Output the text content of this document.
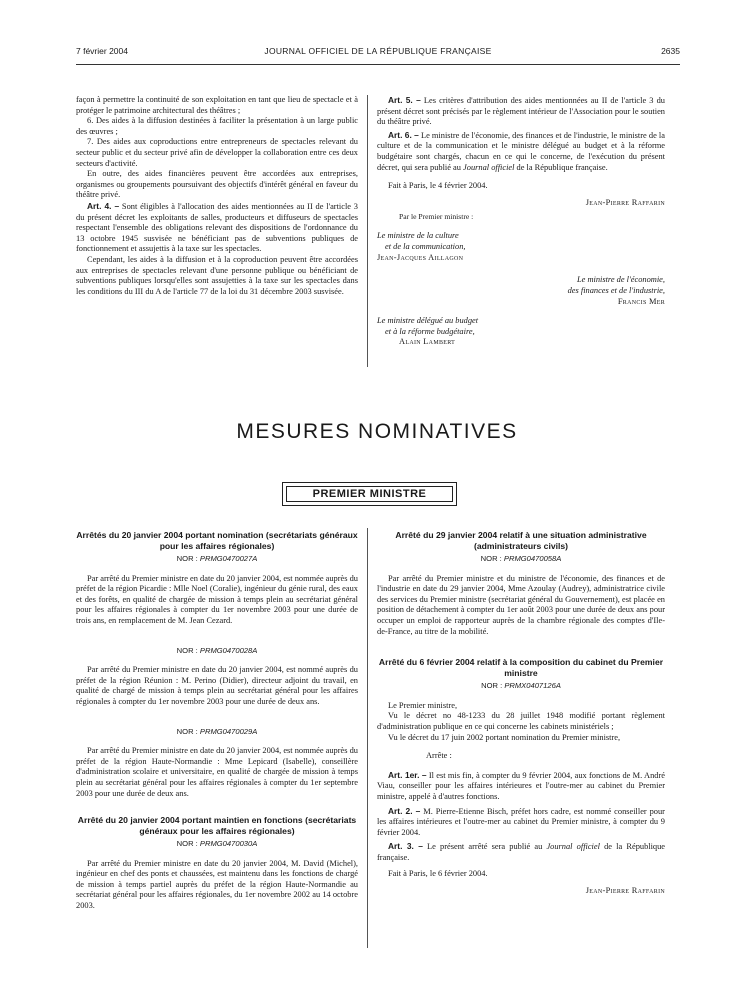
7 février 2004	JOURNAL OFFICIEL DE LA RÉPUBLIQUE FRANÇAISE	2635

façon à permettre la continuité de son exploitation en tant que lieu de spectacle et à protéger le patrimoine architectural des théâtres ;

6. Des aides à la diffusion destinées à faciliter la présentation à un large public des œuvres ;

7. Des aides aux coproductions entre entrepreneurs de spectacles relevant du secteur public et du secteur privé afin de développer la collaboration entre ces deux secteurs d'activité.

En outre, des aides financières peuvent être accordées aux entreprises, organismes ou groupements poursuivant des objectifs d'intérêt général en faveur du théâtre privé.

Art. 4. – Sont éligibles à l'allocation des aides mentionnées au II de l'article 3 du présent décret les exploitants de salles, producteurs et diffuseurs de spectacles respectant l'ensemble des obligations relevant des dispositions de l'ordonnance du 13 octobre 1945 susvisée ne bénéficiant pas de subventions publiques de fonctionnement et assujettis à la taxe sur les spectacles.

Cependant, les aides à la diffusion et à la coproduction peuvent être accordées aux entreprises de spectacles relevant d'une personne publique ou bénéficiant de subventions publiques lorsqu'elles sont assujetties à la taxe sur les spectacles dans les conditions du III du A de l'article 77 de la loi du 31 décembre 2003 susvisée.

Art. 5. – Les critères d'attribution des aides mentionnées au II de l'article 3 du présent décret sont précisés par le règlement intérieur de l'Association pour le soutien du théâtre privé.

Art. 6. – Le ministre de l'économie, des finances et de l'industrie, le ministre de la culture et de la communication et le ministre délégué au budget et à la réforme budgétaire sont chargés, chacun en ce qui le concerne, de l'exécution du présent décret, qui sera publié au Journal officiel de la République française.

Fait à Paris, le 4 février 2004.

Jean-Pierre Raffarin

Par le Premier ministre :

Le ministre de la culture
et de la communication,
Jean-Jacques Aillagon
Le ministre de l'économie,
des finances et de l'industrie,
Francis Mer
Le ministre délégué au budget
et à la réforme budgétaire,
Alain Lambert
MESURES NOMINATIVES
PREMIER MINISTRE
Arrêtés du 20 janvier 2004 portant nomination (secrétariats généraux pour les affaires régionales)
NOR : PRMG0470027A

Par arrêté du Premier ministre en date du 20 janvier 2004, est nommée auprès du préfet de la région Picardie : Mlle Noel (Coralie), ingénieur du génie rural, des eaux et des forêts, en qualité de chargée de mission à temps plein au secrétariat général pour les affaires régionales à compter du 1er novembre 2003 pour une durée de trois ans, en remplacement de M. Jean Cezard.

NOR : PRMG0470028A

Par arrêté du Premier ministre en date du 20 janvier 2004, est nommé auprès du préfet de la région Réunion : M. Perino (Didier), directeur adjoint du travail, en qualité de chargé de mission à temps plein au secrétariat général pour les affaires régionales à compter du 1er novembre 2003 pour une durée de deux ans.

NOR : PRMG0470029A

Par arrêté du Premier ministre en date du 20 janvier 2004, est nommée auprès du préfet de la région Haute-Normandie : Mme Lepicard (Isabelle), conseillère d'administration scolaire et universitaire, en qualité de chargée de mission à temps plein au secrétariat général pour les affaires régionales à compter du 1er septembre 2003 pour une durée de deux ans.

Arrêté du 20 janvier 2004 portant maintien en fonctions (secrétariats généraux pour les affaires régionales)
NOR : PRMG0470030A

Par arrêté du Premier ministre en date du 20 janvier 2004, M. David (Michel), ingénieur en chef des ponts et chaussées, est maintenu dans les fonctions de chargé de mission à temps partiel auprès du préfet de la région Haute-Normandie au secrétariat général pour les affaires régionales, du 1er novembre 2002 au 14 octobre 2003.

Arrêté du 29 janvier 2004 relatif à une situation administrative (administrateurs civils)
NOR : PRMG0470058A

Par arrêté du Premier ministre et du ministre de l'économie, des finances et de l'industrie en date du 29 janvier 2004, Mme Azoulay (Audrey), administratrice civile des services du Premier ministre (secrétariat général du Gouvernement), est placée en position de détachement à compter du 1er août 2003 pour une durée de deux ans pour occuper un emploi de rapporteur auprès de la chambre régionale des comptes d'Ile-de-France, au titre de la mobilité.

Arrêté du 6 février 2004 relatif à la composition du cabinet du Premier ministre
NOR : PRMX0407126A

Le Premier ministre,

Vu le décret no 48-1233 du 28 juillet 1948 modifié portant règlement d'administration publique en ce qui concerne les cabinets ministériels ;

Vu le décret du 17 juin 2002 portant nomination du Premier ministre,

Arrête :

Art. 1er. – Il est mis fin, à compter du 9 février 2004, aux fonctions de M. André Viau, conseiller pour les affaires intérieures et l'outre-mer au cabinet du Premier ministre, appelé à d'autres fonctions.

Art. 2. – M. Pierre-Etienne Bisch, préfet hors cadre, est nommé conseiller pour les affaires intérieures et l'outre-mer au cabinet du Premier ministre, à compter du 9 février 2004.

Art. 3. – Le présent arrêté sera publié au Journal officiel de la République française.

Fait à Paris, le 6 février 2004.

Jean-Pierre Raffarin
